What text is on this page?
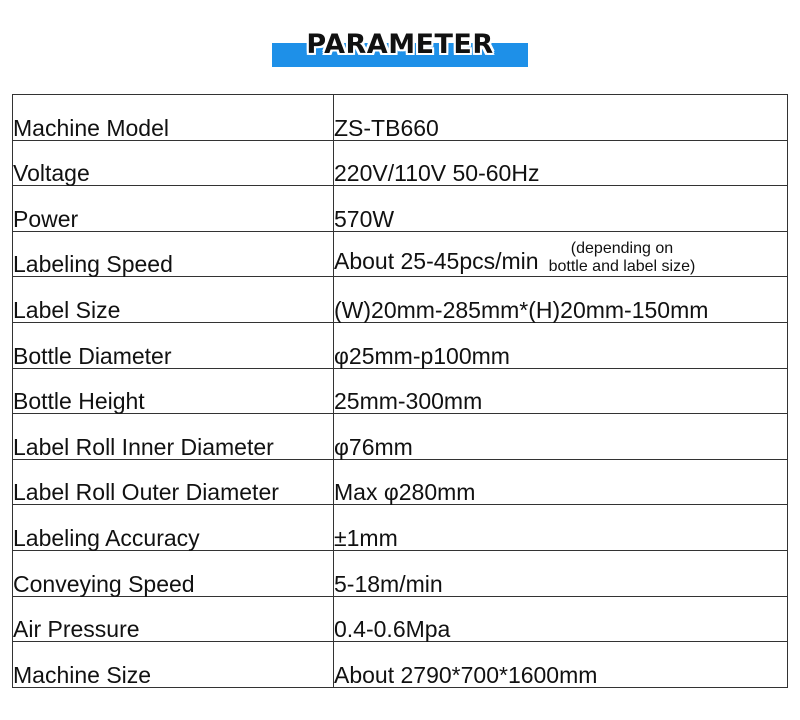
PARAMETER
Machine Model	ZS-TB660
Voltage	220V/110V 50-60Hz
Power	570W
Labeling Speed	About 25-45pcs/min (depending on
bottle and label size)
Label Size	(W)20mm-285mm*(H)20mm-150mm
Bottle Diameter	φ25mm-p100mm
Bottle Height	25mm-300mm
Label Roll Inner Diameter	φ76mm
Label Roll Outer Diameter	Max φ280mm
Labeling Accuracy	±1mm
Conveying Speed	5-18m/min
Air Pressure	0.4-0.6Mpa
Machine Size	About 2790*700*1600mm
